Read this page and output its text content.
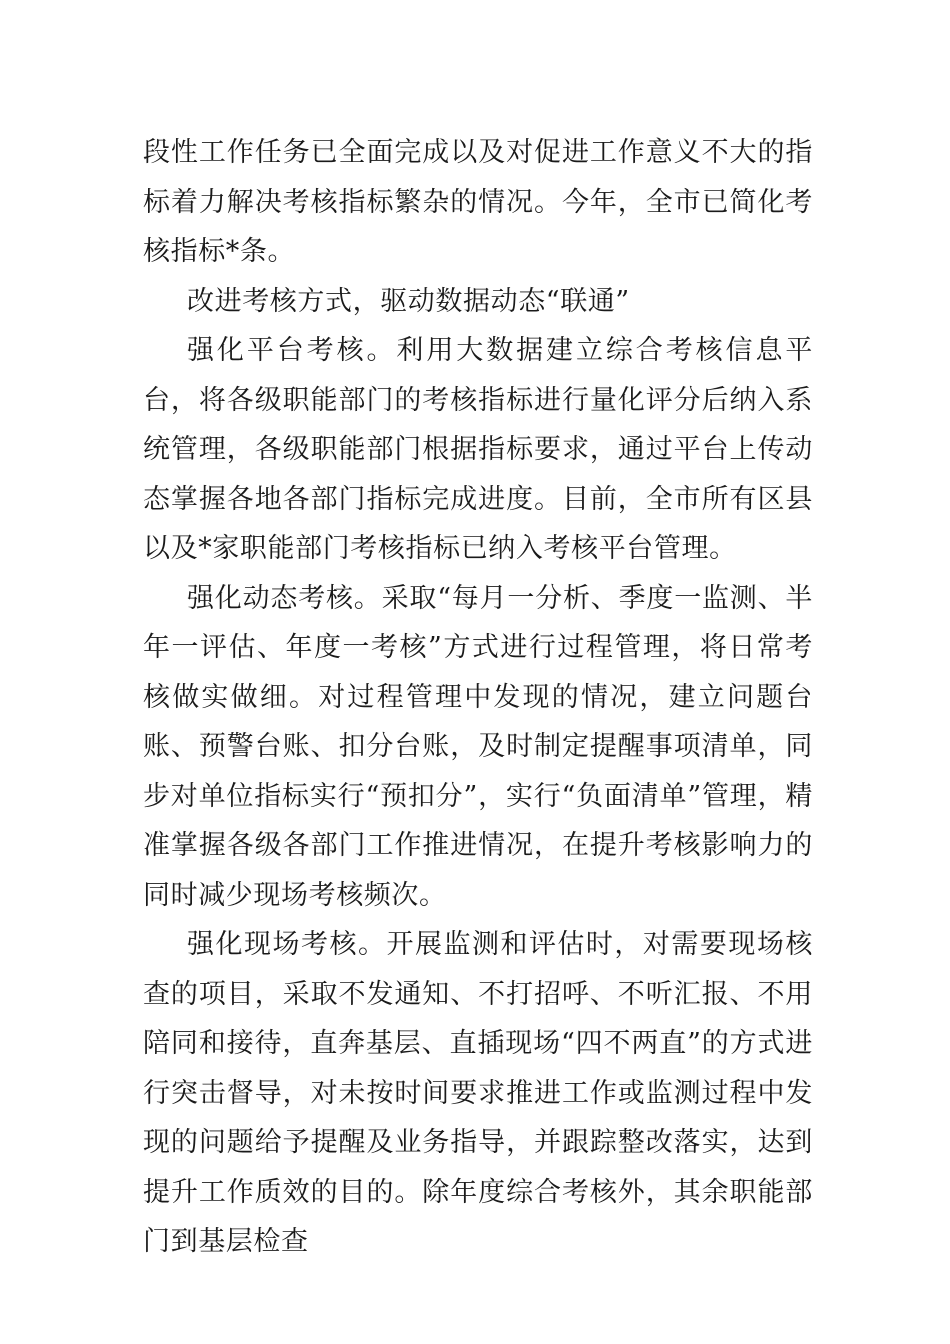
段性工作任务已全面完成以及对促进工作意义不大的指标着力解决考核指标繁杂的情况。今年，全市已简化考核指标*条。

改进考核方式，驱动数据动态“联通”

强化平台考核。利用大数据建立综合考核信息平台，将各级职能部门的考核指标进行量化评分后纳入系统管理，各级职能部门根据指标要求，通过平台上传动态掌握各地各部门指标完成进度。目前，全市所有区县以及*家职能部门考核指标已纳入考核平台管理。

强化动态考核。采取“每月一分析、季度一监测、半年一评估、年度一考核”方式进行过程管理，将日常考核做实做细。对过程管理中发现的情况，建立问题台账、预警台账、扣分台账，及时制定提醒事项清单，同步对单位指标实行“预扣分”，实行“负面清单”管理，精准掌握各级各部门工作推进情况，在提升考核影响力的同时减少现场考核频次。

强化现场考核。开展监测和评估时，对需要现场核查的项目，采取不发通知、不打招呼、不听汇报、不用陪同和接待，直奔基层、直插现场“四不两直”的方式进行突击督导，对未按时间要求推进工作或监测过程中发现的问题给予提醒及业务指导，并跟踪整改落实，达到提升工作质效的目的。除年度综合考核外，其余职能部门到基层检查
